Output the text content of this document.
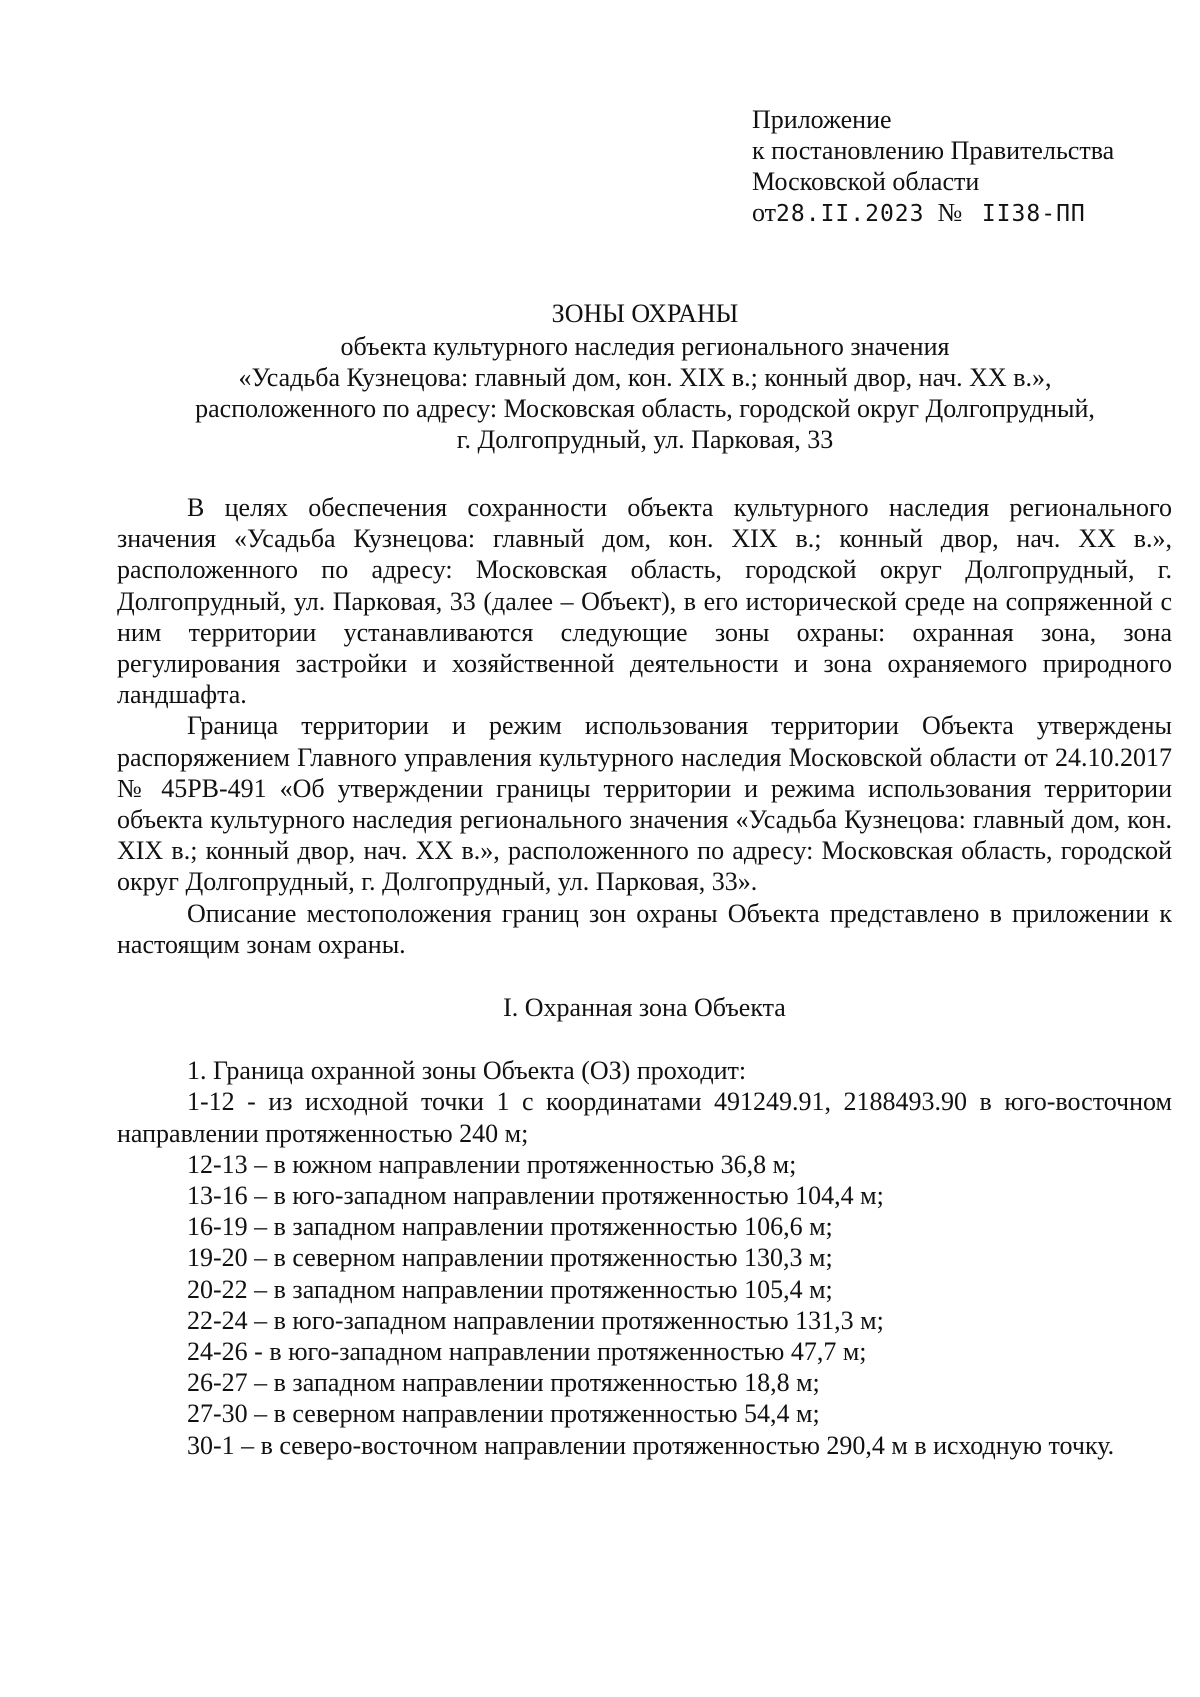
Приложение
к постановлению Правительства
Московской области
от28.II.2023 № II38-ПП
ЗОНЫ ОХРАНЫ
объекта культурного наследия регионального значения
«Усадьба Кузнецова: главный дом, кон. XIX в.; конный двор, нач. XX в.»,
расположенного по адресу: Московская область, городской округ Долгопрудный,
г. Долгопрудный, ул. Парковая, 33

В целях обеспечения сохранности объекта культурного наследия регионального значения «Усадьба Кузнецова: главный дом, кон. XIX в.; конный двор, нач. XX в.», расположенного по адресу: Московская область, городской округ Долгопрудный, г. Долгопрудный, ул. Парковая, 33 (далее – Объект), в его исторической среде на сопряженной с ним территории устанавливаются следующие зоны охраны: охранная зона, зона регулирования застройки и хозяйственной деятельности и зона охраняемого природного ландшафта.

Граница территории и режим использования территории Объекта утверждены распоряжением Главного управления культурного наследия Московской области от 24.10.2017 № 45РВ-491 «Об утверждении границы территории и режима использования территории объекта культурного наследия регионального значения «Усадьба Кузнецова: главный дом, кон. XIX в.; конный двор, нач. XX в.», расположенного по адресу: Московская область, городской округ Долгопрудный, г. Долгопрудный, ул. Парковая, 33».

Описание местоположения границ зон охраны Объекта представлено в приложении к настоящим зонам охраны.

I. Охранная зона Объекта

1. Граница охранной зоны Объекта (ОЗ) проходит:

1-12 - из исходной точки 1 с координатами 491249.91, 2188493.90 в юго-восточном направлении протяженностью 240 м;

12-13 – в южном направлении протяженностью 36,8 м;

13-16 – в юго-западном направлении протяженностью 104,4 м;

16-19 – в западном направлении протяженностью 106,6 м;

19-20 – в северном направлении протяженностью 130,3 м;

20-22 – в западном направлении протяженностью 105,4 м;

22-24 – в юго-западном направлении протяженностью 131,3 м;

24-26 - в юго-западном направлении протяженностью 47,7 м;

26-27 – в западном направлении протяженностью 18,8 м;

27-30 – в северном направлении протяженностью 54,4 м;

30-1 – в северо-восточном направлении протяженностью 290,4 м в исходную точку.
